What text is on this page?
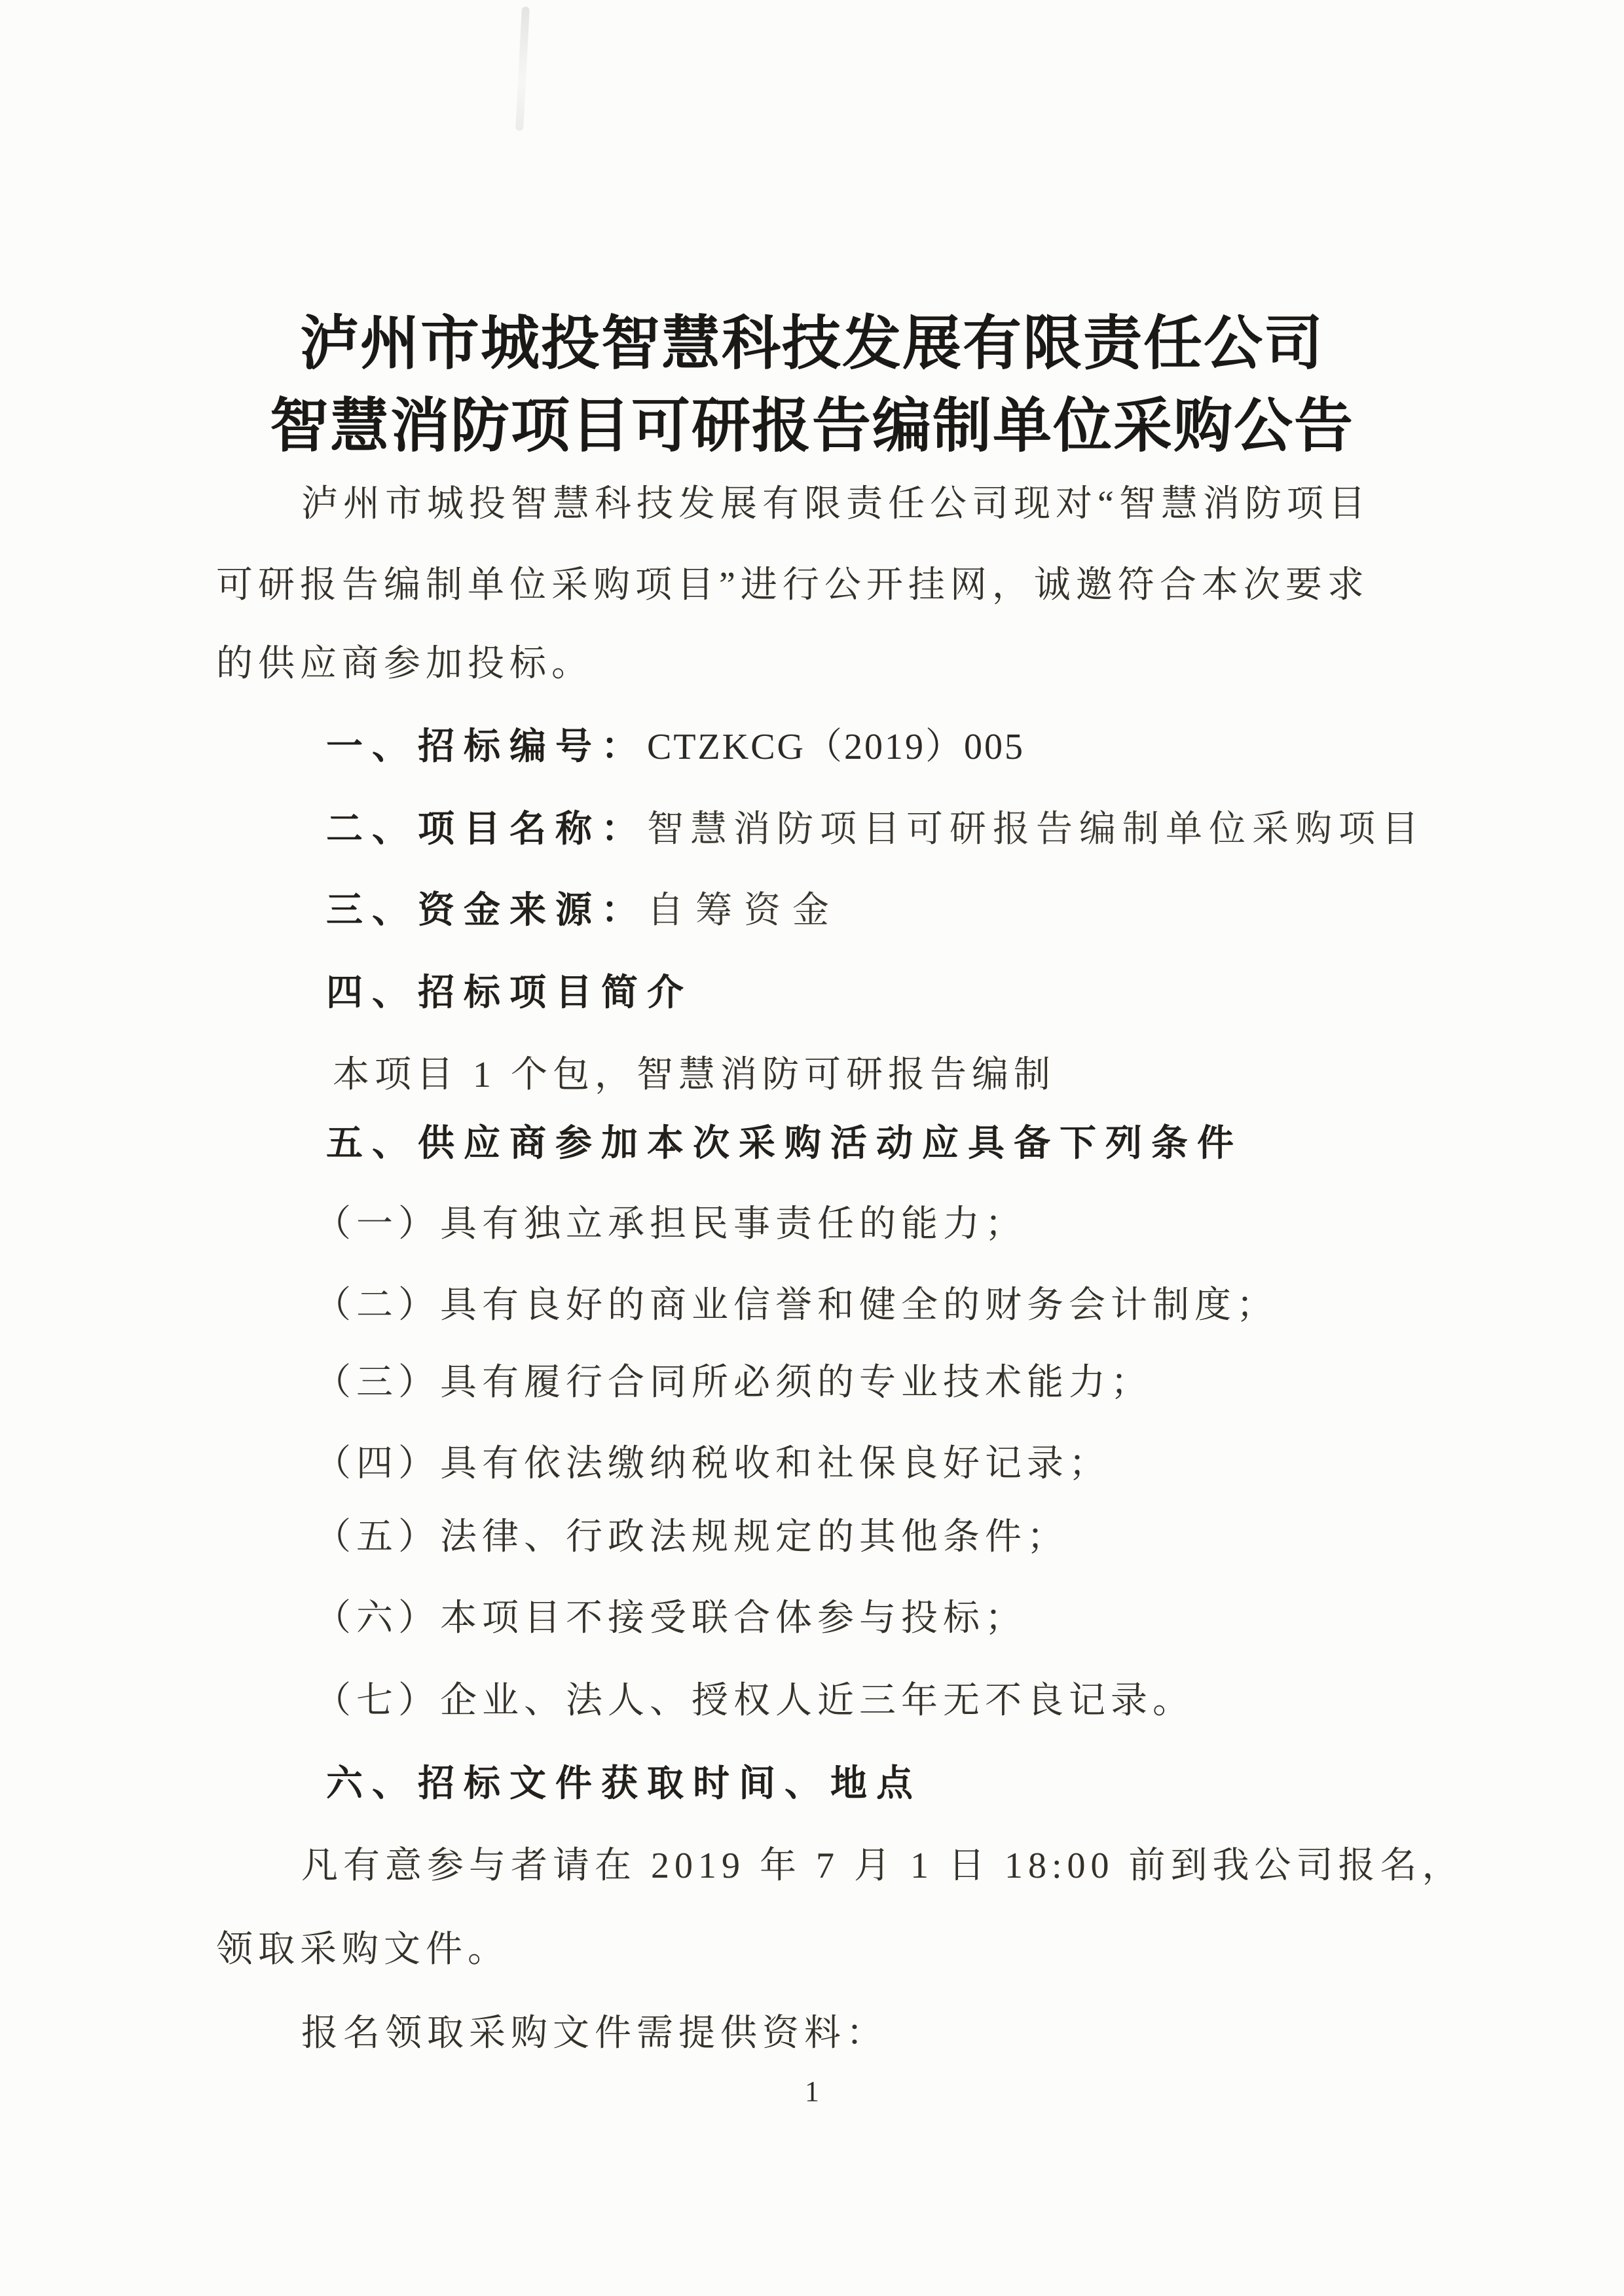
泸州市城投智慧科技发展有限责任公司
智慧消防项目可研报告编制单位采购公告
泸州市城投智慧科技发展有限责任公司现对“智慧消防项目
可研报告编制单位采购项目”进行公开挂网，诚邀符合本次要求
的供应商参加投标。
一、招标编号：CTZKCG（2019）005
二、项目名称：智慧消防项目可研报告编制单位采购项目
三、资金来源：自筹资金
四、招标项目简介
本项目 1 个包，智慧消防可研报告编制
五、供应商参加本次采购活动应具备下列条件
（一）具有独立承担民事责任的能力；
（二）具有良好的商业信誉和健全的财务会计制度；
（三）具有履行合同所必须的专业技术能力；
（四）具有依法缴纳税收和社保良好记录；
（五）法律、行政法规规定的其他条件；
（六）本项目不接受联合体参与投标；
（七）企业、法人、授权人近三年无不良记录。
六、招标文件获取时间、地点
凡有意参与者请在 2019 年 7 月 1 日 18:00 前到我公司报名，
领取采购文件。
报名领取采购文件需提供资料：
1
